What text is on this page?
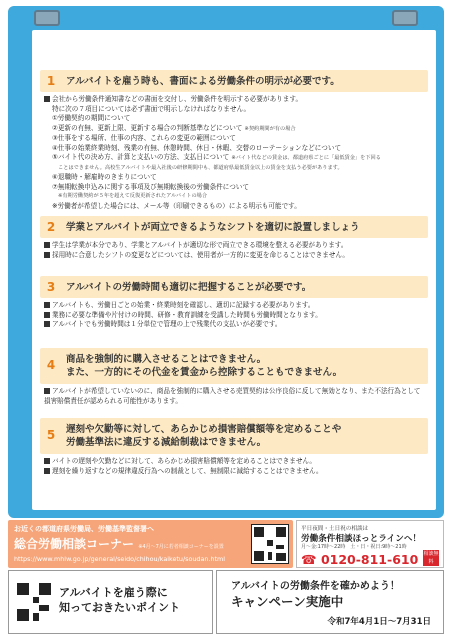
1	アルバイトを雇う時も、書面による労働条件の明示が必要です。
会社から労働条件通知書などの書面を交付し、労働条件を明示する必要があります。
特に次の７項目については必ず書面で明示しなければなりません。
①労働契約の期間について
②更新の有無、更新上限、更新する場合の判断基準などについて ※契約期間が有の場合
③仕事をする場所、仕事の内容、これらの変更の範囲について
④仕事の始業終業時刻、残業の有無、休憩時間、休日・休暇、交替のローテーションなどについて
⑤バイト代の決め方、計算と支払いの方法、支払日について ※バイト代などの賃金は、都道府県ごとに「最低賃金」を下回る
ことはできません。高校生アルバイトや最入社後の研修期間中も、都道府県最低賃金以上の賃金を支払う必要があります。
⑥退職時・解雇時のきまりについて
⑦無期転換申込みに関する事項及び無期転換後の労働条件について
※有期労働契約が５年を超えて反復更新されたアルバイトの場合
※労働者が希望した場合には、メール等（印刷できるもの）による明示も可能です。
2	学業とアルバイトが両立できるようなシフトを適切に設置しましょう
学生は学業が本分であり、学業とアルバイトが適切な形で両立できる環境を整える必要があります。
採用時に合意したシフトの変更などについては、使用者が一方的に変更を命じることはできません。
3	アルバイトの労働時間も適切に把握することが必要です。
アルバイトも、労働日ごとの始業・終業時刻を確認し、適切に記録する必要があります。
業務に必要な準備や片付けの時間、研修・教育訓練を受講した時間も労働時間となります。
アルバイトでも労働時間は１分単位で管理の上で残業代の支払いが必要です。
4	商品を強制的に購入させることはできません。
また、一方的にその代金を賃金から控除することもできません。
アルバイトが希望していないのに、商品を強制的に購入させる売買契約は公序良俗に反して無効となり、また不法行為として損害賠償責任が認められる可能性があります。
5	遅刻や欠勤等に対して、あらかじめ損害賠償額等を定めることや
労働基準法に違反する減給制裁はできません。
バイトの遅刻や欠勤などに対して、あらかじめ損害賠償額等を定めることはできません。
遅刻を繰り返すなどの規律違反行為への制裁として、無制限に減給することはできません。
お近くの都道府県労働局、労働基準監督署へ
総合労働相談コーナー ※4月～7月に若者相談コーナーを設置
https://www.mhlw.go.jp/general/seido/chihou/kaiketu/soudan.html
平日夜間・土日祝の相談は
労働条件相談ほっとラインへ！
月～金:17時～22時　土・日・祝日:9時～21時
☎ 0120-811-610 相談無料
アルバイトを雇う際に
知っておきたいポイント
アルバイトの労働条件を確かめよう！
キャンペーン実施中
令和7年4月1日～7月31日
